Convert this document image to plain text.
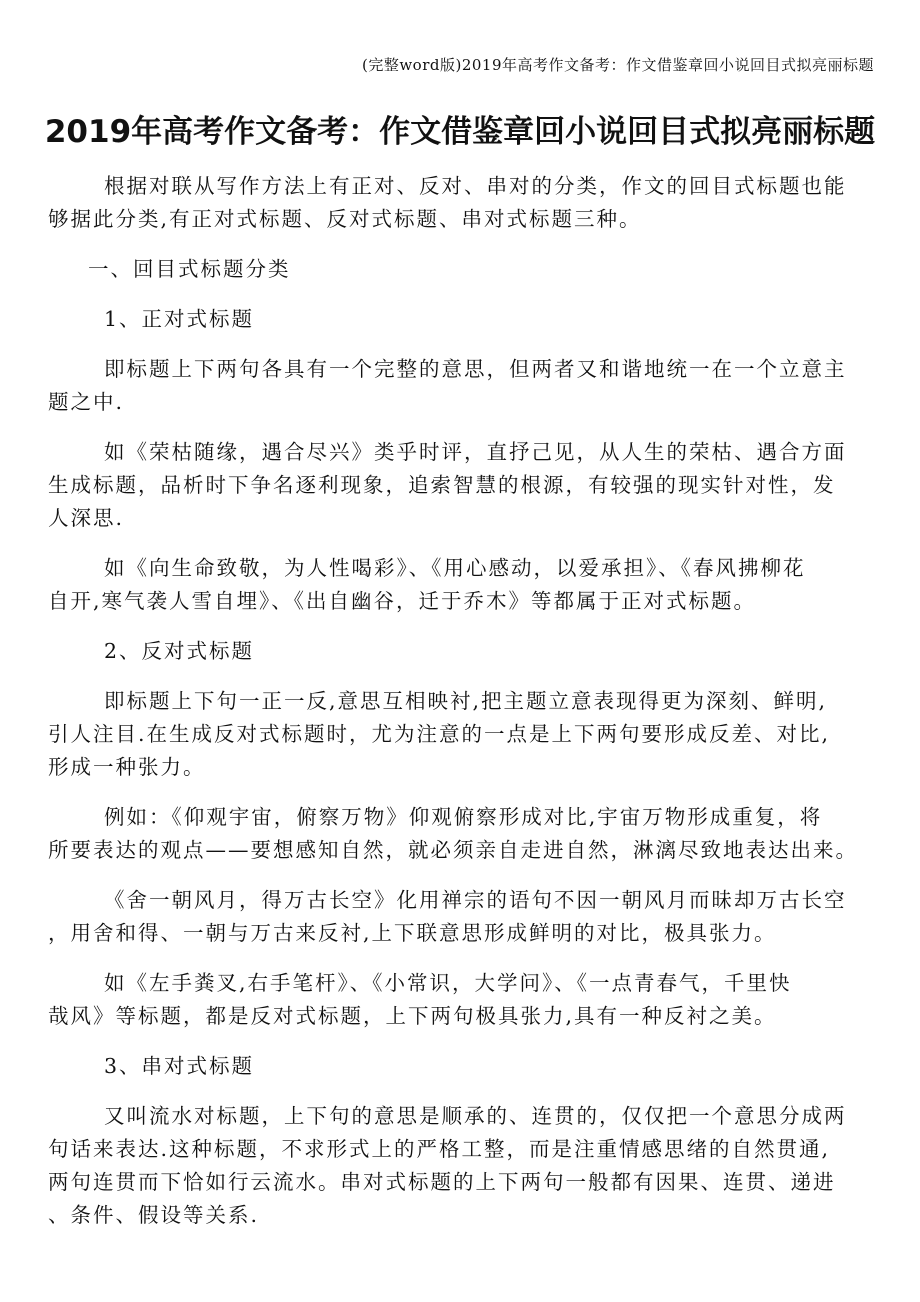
(完整word版)2019年高考作文备考：作文借鉴章回小说回目式拟亮丽标题
2019年高考作文备考：作文借鉴章回小说回目式拟亮丽标题

根据对联从写作方法上有正对、反对、串对的分类，作文的回目式标题也能
够据此分类,有正对式标题、反对式标题、串对式标题三种。

一、回目式标题分类

1、正对式标题

即标题上下两句各具有一个完整的意思，但两者又和谐地统一在一个立意主
题之中.

如《荣枯随缘，遇合尽兴》类乎时评，直抒己见，从人生的荣枯、遇合方面
生成标题，品析时下争名逐利现象，追索智慧的根源，有较强的现实针对性，发
人深思.

如《向生命致敬，为人性喝彩》、《用心感动，以爱承担》、《春风拂柳花
自开,寒气袭人雪自埋》、《出自幽谷，迁于乔木》等都属于正对式标题。

2、反对式标题

即标题上下句一正一反,意思互相映衬,把主题立意表现得更为深刻、鲜明,
引人注目.在生成反对式标题时，尤为注意的一点是上下两句要形成反差、对比,
形成一种张力。

例如：《仰观宇宙，俯察万物》仰观俯察形成对比,宇宙万物形成重复，将
所要表达的观点——要想感知自然，就必须亲自走进自然，淋漓尽致地表达出来。

《舍一朝风月，得万古长空》化用禅宗的语句不因一朝风月而昧却万古长空
，用舍和得、一朝与万古来反衬,上下联意思形成鲜明的对比，极具张力。

如《左手粪叉,右手笔杆》、《小常识，大学问》、《一点青春气，千里快
哉风》等标题，都是反对式标题，上下两句极具张力,具有一种反衬之美。

3、串对式标题

又叫流水对标题，上下句的意思是顺承的、连贯的，仅仅把一个意思分成两
句话来表达.这种标题，不求形式上的严格工整，而是注重情感思绪的自然贯通,
两句连贯而下恰如行云流水。串对式标题的上下两句一般都有因果、连贯、递进
、条件、假设等关系.
